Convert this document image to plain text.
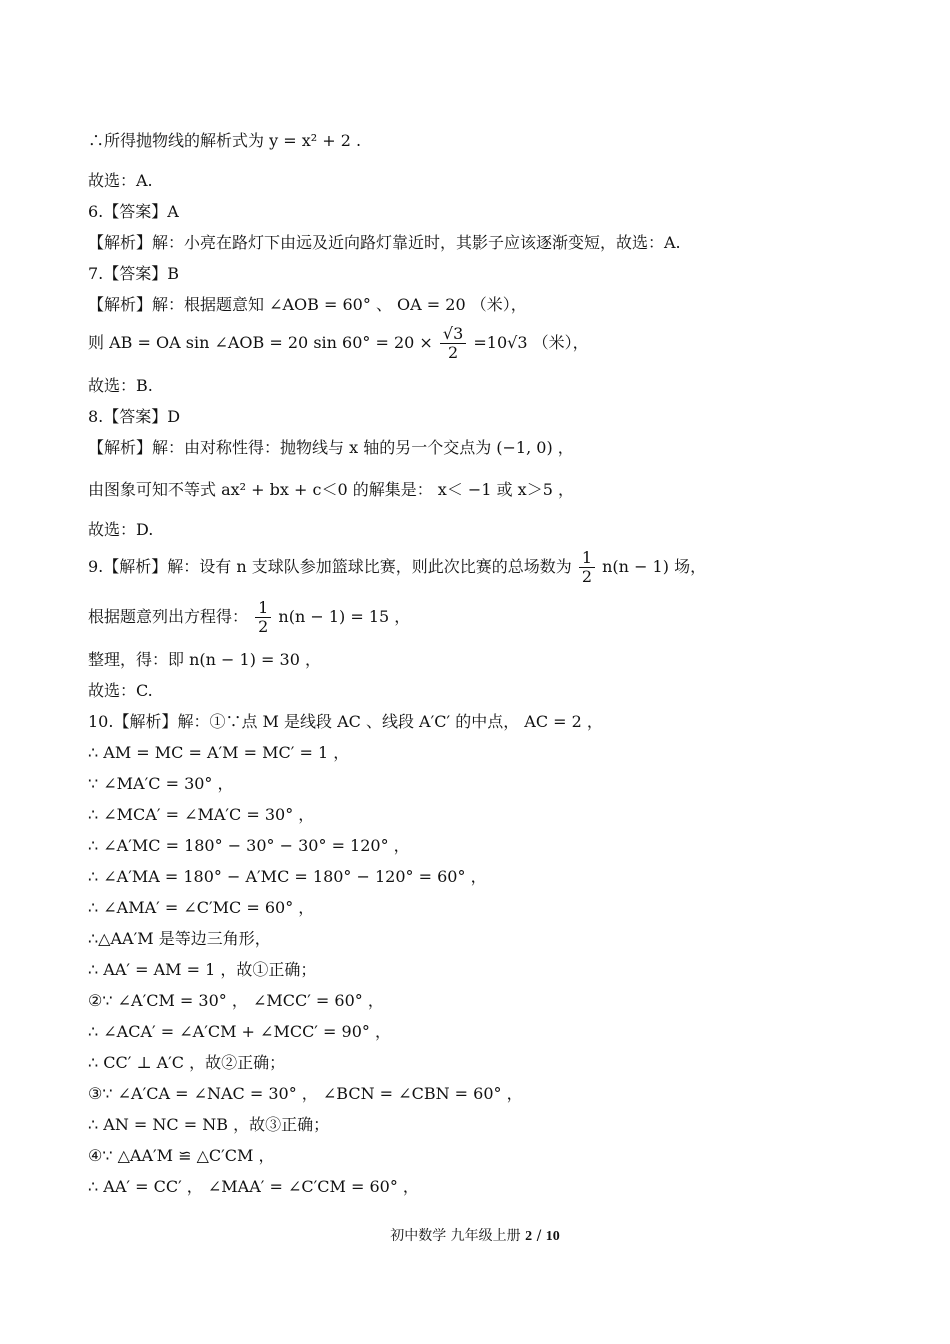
∴所得抛物线的解析式为 y = x² + 2 .
故选：A.
6.【答案】A
【解析】解：小亮在路灯下由远及近向路灯靠近时，其影子应该逐渐变短，故选：A.
7.【答案】B
【解析】解：根据题意知 ∠AOB = 60° 、 OA = 20 （米），
则 AB = OA sin ∠AOB = 20 $\sin 60^\circ = 20 \times \frac{√3}{2} =10√3$ （米），
故选：B.
8.【答案】D
【解析】解：由对称性得：抛物线与 x 轴的另一个交点为 (−1, 0) ，
由图象可知不等式 ax² + bx + c＜0 的解集是： x＜ −1 或 x＞5 ，
故选：D.
9.【解析】解：设有 n 支球队参加篮球比赛，则此次比赛的总场数为 $\frac{1}{2} n(n - 1)$ 场，
根据题意列出方程得： $\frac{1}{2} n(n - 1) = 15$ ，
整理，得：即 n(n − 1) = 30 ，
故选：C.
10.【解析】解：①∵点 M 是线段 AC 、线段 A′C′ 的中点， AC = 2 ，
∴ AM = MC = A′M = MC′ = 1 ，
∵ ∠MA′C = 30° ，
∴ ∠MCA′ = ∠MA′C = 30° ，
∴ ∠A′MC = 180° − 30° − 30° = 120° ，
∴ ∠A′MA = 180° − A′MC = 180° − 120° = 60° ，
∴ ∠AMA′ = ∠C′MC = 60° ，
∴△AA′M 是等边三角形，
∴ AA′ = AM = 1 ，故①正确；
②∵ ∠A′CM = 30° ， ∠MCC′ = 60° ，
∴ ∠ACA′ = ∠A′CM + ∠MCC′ = 90° ，
∴ CC′ ⊥ A′C ，故②正确；
③∵ ∠A′CA = ∠NAC = 30° ， ∠BCN = ∠CBN = 60° ，
∴ AN = NC = NB ，故③正确；
④∵ △AA′M ≌ △C′CM ，
∴ AA′ = CC′ ， ∠MAA′ = ∠C′CM = 60° ，
初中数学 九年级上册 2 / 10
